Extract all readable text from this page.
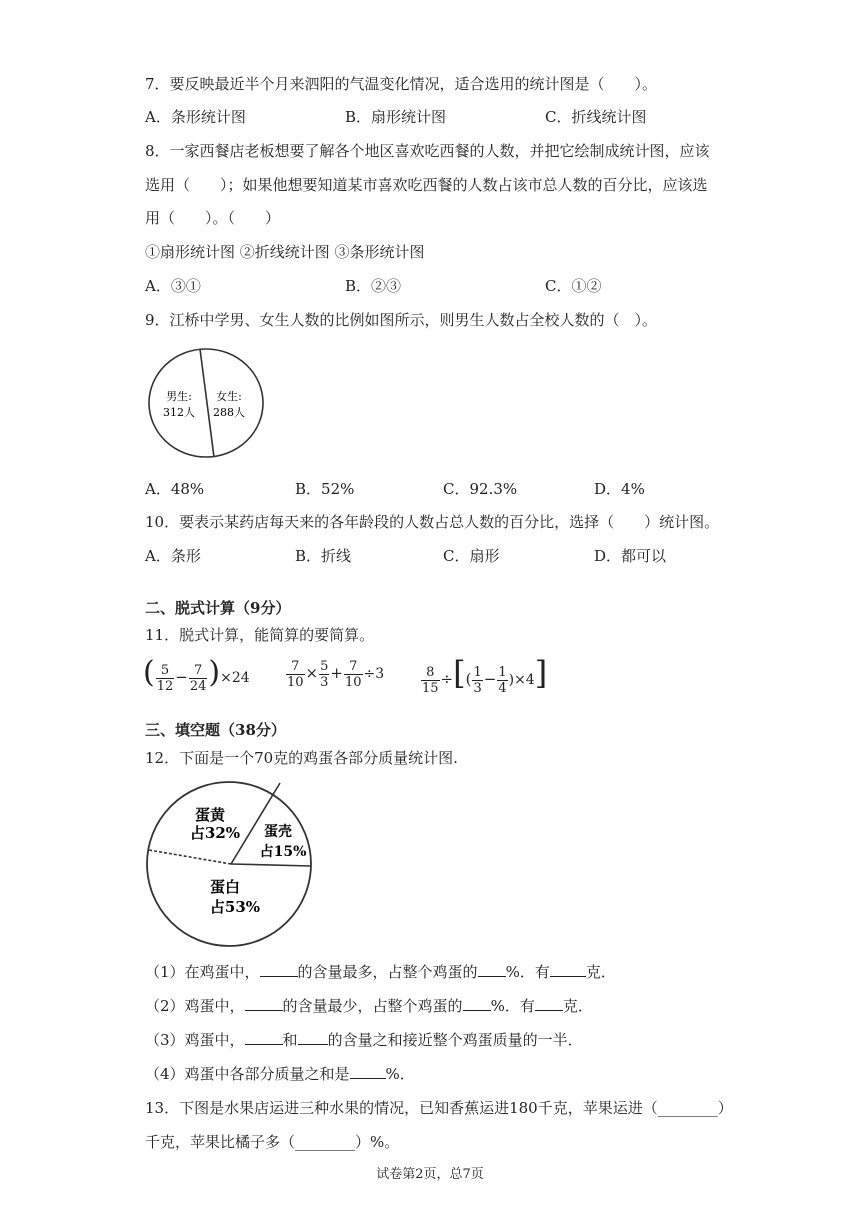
7．要反映最近半个月来泗阳的气温变化情况，适合选用的统计图是（　　）。
A．条形统计图	B．扇形统计图	C．折线统计图
8．一家西餐店老板想要了解各个地区喜欢吃西餐的人数，并把它绘制成统计图，应该
选用（　　）；如果他想要知道某市喜欢吃西餐的人数占该市总人数的百分比，应该选
用（　　）。（　　）
①扇形统计图 ②折线统计图 ③条形统计图
A．③①	B．②③	C．①②
9．江桥中学男、女生人数的比例如图所示，则男生人数占全校人数的（　）。
男生:
312人
女生:
288人
A．48%	B．52%	C．92.3%	D．4%
10．要表示某药店每天来的各年龄段的人数占总人数的百分比，选择（　　）统计图。
A．条形	B．折线	C．扇形	D．都可以
二、脱式计算（9分）
11．脱式计算，能简算的要简算。
( $\frac{5}{12} - \frac{7}{24} )\times 24$	$\frac{7}{10} \times \frac{5}{3} + \frac{7}{10} \div 3$	$\frac{8}{15}$ ÷[( $\frac{1}{3} - \frac{1}{4} )\times 4$]
三、填空题（38分）
12．下面是一个70克的鸡蛋各部分质量统计图.
蛋黄
占32% 蛋壳
占15%
蛋白
占53%
（1）在鸡蛋中，	的含量最多，占整个鸡蛋的 %．有 克．
（2）鸡蛋中，	的含量最少，占整个鸡蛋的 %．有 克．
（3）鸡蛋中，	和 的含量之和接近整个鸡蛋质量的一半．
（4）鸡蛋中各部分质量之和是 %．
13．下图是水果店运进三种水果的情况，已知香蕉运进180千克，苹果运进（________）
千克，苹果比橘子多（________）%。
试卷第2页，总7页
